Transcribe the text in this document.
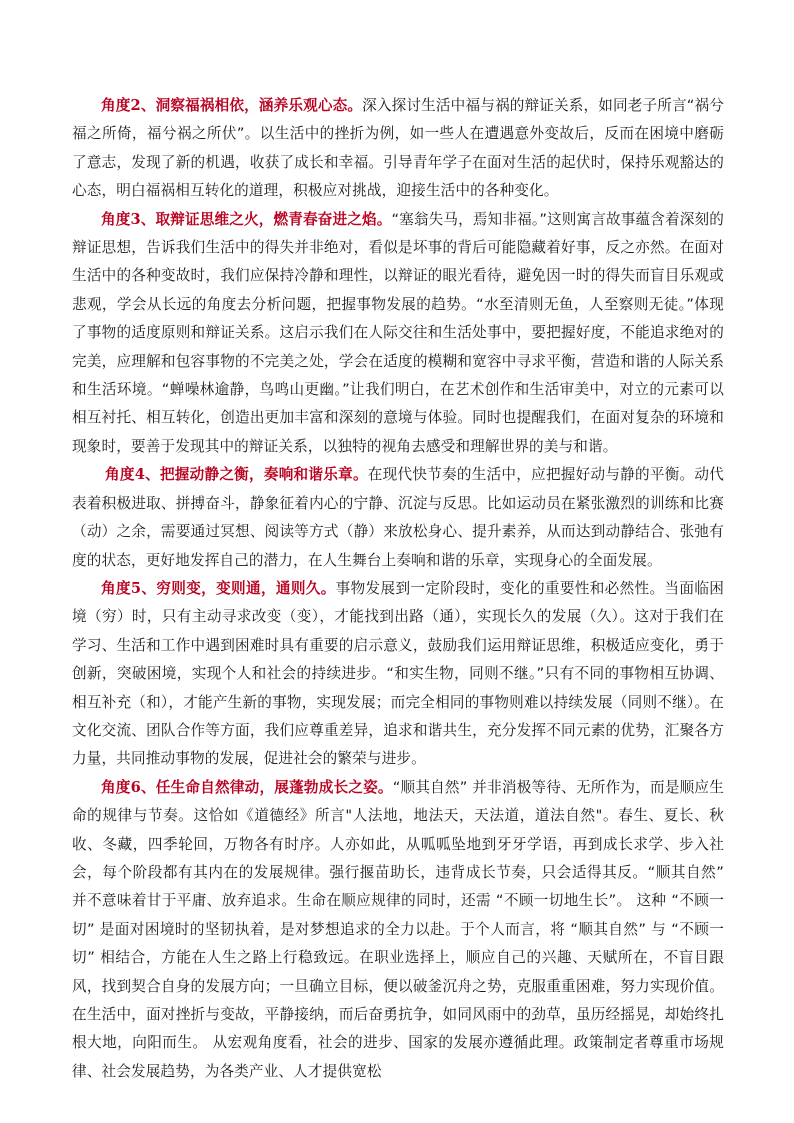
角度2、洞察福祸相依，涵养乐观心态。深入探讨生活中福与祸的辩证关系，如同老子所言“祸兮福之所倚，福兮祸之所伏”。以生活中的挫折为例，如一些人在遭遇意外变故后，反而在困境中磨砺了意志，发现了新的机遇，收获了成长和幸福。引导青年学子在面对生活的起伏时，保持乐观豁达的心态，明白福祸相互转化的道理，积极应对挑战，迎接生活中的各种变化。

角度3、取辩证思维之火，燃青春奋进之焰。“塞翁失马，焉知非福。”这则寓言故事蕴含着深刻的辩证思想，告诉我们生活中的得失并非绝对，看似是坏事的背后可能隐藏着好事，反之亦然。在面对生活中的各种变故时，我们应保持冷静和理性，以辩证的眼光看待，避免因一时的得失而盲目乐观或悲观，学会从长远的角度去分析问题，把握事物发展的趋势。“水至清则无鱼，人至察则无徒。”体现了事物的适度原则和辩证关系。这启示我们在人际交往和生活处事中，要把握好度，不能追求绝对的完美，应理解和包容事物的不完美之处，学会在适度的模糊和宽容中寻求平衡，营造和谐的人际关系和生活环境。“蝉噪林逾静，鸟鸣山更幽。”让我们明白，在艺术创作和生活审美中，对立的元素可以相互衬托、相互转化，创造出更加丰富和深刻的意境与体验。同时也提醒我们，在面对复杂的环境和现象时，要善于发现其中的辩证关系，以独特的视角去感受和理解世界的美与和谐。

角度4、把握动静之衡，奏响和谐乐章。在现代快节奏的生活中，应把握好动与静的平衡。动代表着积极进取、拼搏奋斗，静象征着内心的宁静、沉淀与反思。比如运动员在紧张激烈的训练和比赛（动）之余，需要通过冥想、阅读等方式（静）来放松身心、提升素养，从而达到动静结合、张弛有度的状态，更好地发挥自己的潜力，在人生舞台上奏响和谐的乐章，实现身心的全面发展。

角度5、穷则变，变则通，通则久。事物发展到一定阶段时，变化的重要性和必然性。当面临困境（穷）时，只有主动寻求改变（变），才能找到出路（通），实现长久的发展（久）。这对于我们在学习、生活和工作中遇到困难时具有重要的启示意义，鼓励我们运用辩证思维，积极适应变化，勇于创新，突破困境，实现个人和社会的持续进步。“和实生物，同则不继。”只有不同的事物相互协调、相互补充（和），才能产生新的事物，实现发展；而完全相同的事物则难以持续发展（同则不继）。在文化交流、团队合作等方面，我们应尊重差异，追求和谐共生，充分发挥不同元素的优势，汇聚各方力量，共同推动事物的发展，促进社会的繁荣与进步。

角度6、任生命自然律动，展蓬勃成长之姿。“顺其自然” 并非消极等待、无所作为，而是顺应生命的规律与节奏。这恰如《道德经》所言"人法地，地法天，天法道，道法自然"。春生、夏长、秋收、冬藏，四季轮回，万物各有时序。人亦如此，从呱呱坠地到牙牙学语，再到成长求学、步入社会，每个阶段都有其内在的发展规律。强行揠苗助长，违背成长节奏，只会适得其反。“顺其自然” 并不意味着甘于平庸、放弃追求。生命在顺应规律的同时，还需 “不顾一切地生长”。 这种 “不顾一切” 是面对困境时的坚韧执着，是对梦想追求的全力以赴。于个人而言，将 “顺其自然” 与 “不顾一切” 相结合，方能在人生之路上行稳致远。在职业选择上，顺应自己的兴趣、天赋所在，不盲目跟风，找到契合自身的发展方向；一旦确立目标，便以破釜沉舟之势，克服重重困难，努力实现价值。在生活中，面对挫折与变故，平静接纳，而后奋勇抗争，如同风雨中的劲草，虽历经摇晃，却始终扎根大地，向阳而生。 从宏观角度看，社会的进步、国家的发展亦遵循此理。政策制定者尊重市场规律、社会发展趋势，为各类产业、人才提供宽松
